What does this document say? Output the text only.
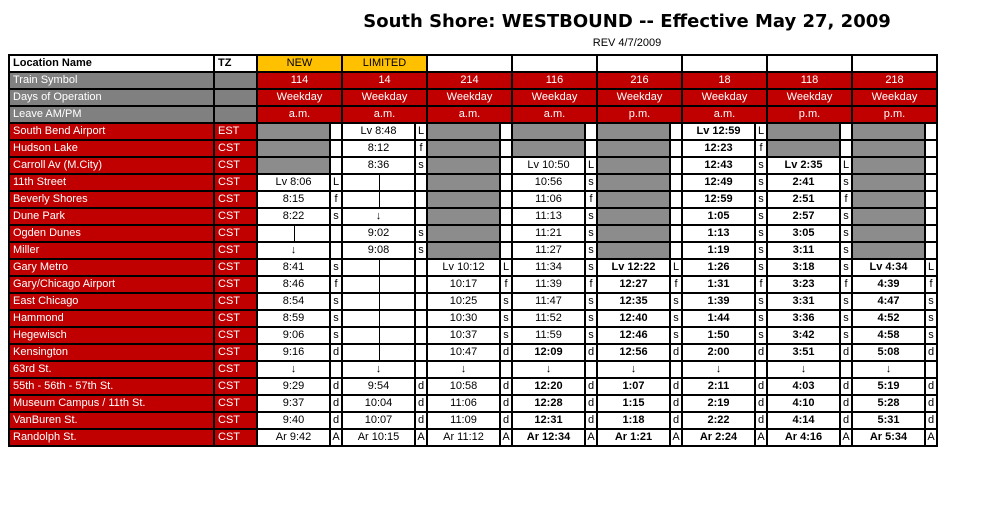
South Shore: WESTBOUND -- Effective May 27, 2009
REV 4/7/2009
Location Name	TZ	NEW		LIMITED													
Train Symbol		114		14		214		116		216		18		118		218	
Days of Operation		Weekday		Weekday		Weekday		Weekday		Weekday		Weekday		Weekday		Weekday	
Leave AM/PM		a.m.		a.m.		a.m.		a.m.		p.m.		a.m.		p.m.		p.m.	
South Bend Airport	EST			Lv 8:48	L							Lv 12:59	L				
Hudson Lake	CST			8:12	f							12:23	f				
Carroll Av (M.City)	CST			8:36	s			Lv 10:50	L			12:43	s	Lv 2:35	L		
11th Street	CST	Lv 8:06	L					10:56	s			12:49	s	2:41	s		
Beverly Shores	CST	8:15	f					11:06	f			12:59	s	2:51	f		
Dune Park	CST	8:22	s	↓				11:13	s			1:05	s	2:57	s		
Ogden Dunes	CST			9:02	s			11:21	s			1:13	s	3:05	s		
Miller	CST	↓		9:08	s			11:27	s			1:19	s	3:11	s		
Gary Metro	CST	8:41	s			Lv 10:12	L	11:34	s	Lv 12:22	L	1:26	s	3:18	s	Lv 4:34	L
Gary/Chicago Airport	CST	8:46	f			10:17	f	11:39	f	12:27	f	1:31	f	3:23	f	4:39	f
East Chicago	CST	8:54	s			10:25	s	11:47	s	12:35	s	1:39	s	3:31	s	4:47	s
Hammond	CST	8:59	s			10:30	s	11:52	s	12:40	s	1:44	s	3:36	s	4:52	s
Hegewisch	CST	9:06	s			10:37	s	11:59	s	12:46	s	1:50	s	3:42	s	4:58	s
Kensington	CST	9:16	d			10:47	d	12:09	d	12:56	d	2:00	d	3:51	d	5:08	d
63rd St.	CST	↓		↓		↓		↓		↓		↓		↓		↓	
55th - 56th - 57th St.	CST	9:29	d	9:54	d	10:58	d	12:20	d	1:07	d	2:11	d	4:03	d	5:19	d
Museum Campus / 11th St.	CST	9:37	d	10:04	d	11:06	d	12:28	d	1:15	d	2:19	d	4:10	d	5:28	d
VanBuren St.	CST	9:40	d	10:07	d	11:09	d	12:31	d	1:18	d	2:22	d	4:14	d	5:31	d
Randolph St.	CST	Ar 9:42	A	Ar 10:15	A	Ar 11:12	A	Ar 12:34	A	Ar 1:21	A	Ar 2:24	A	Ar 4:16	A	Ar 5:34	A
